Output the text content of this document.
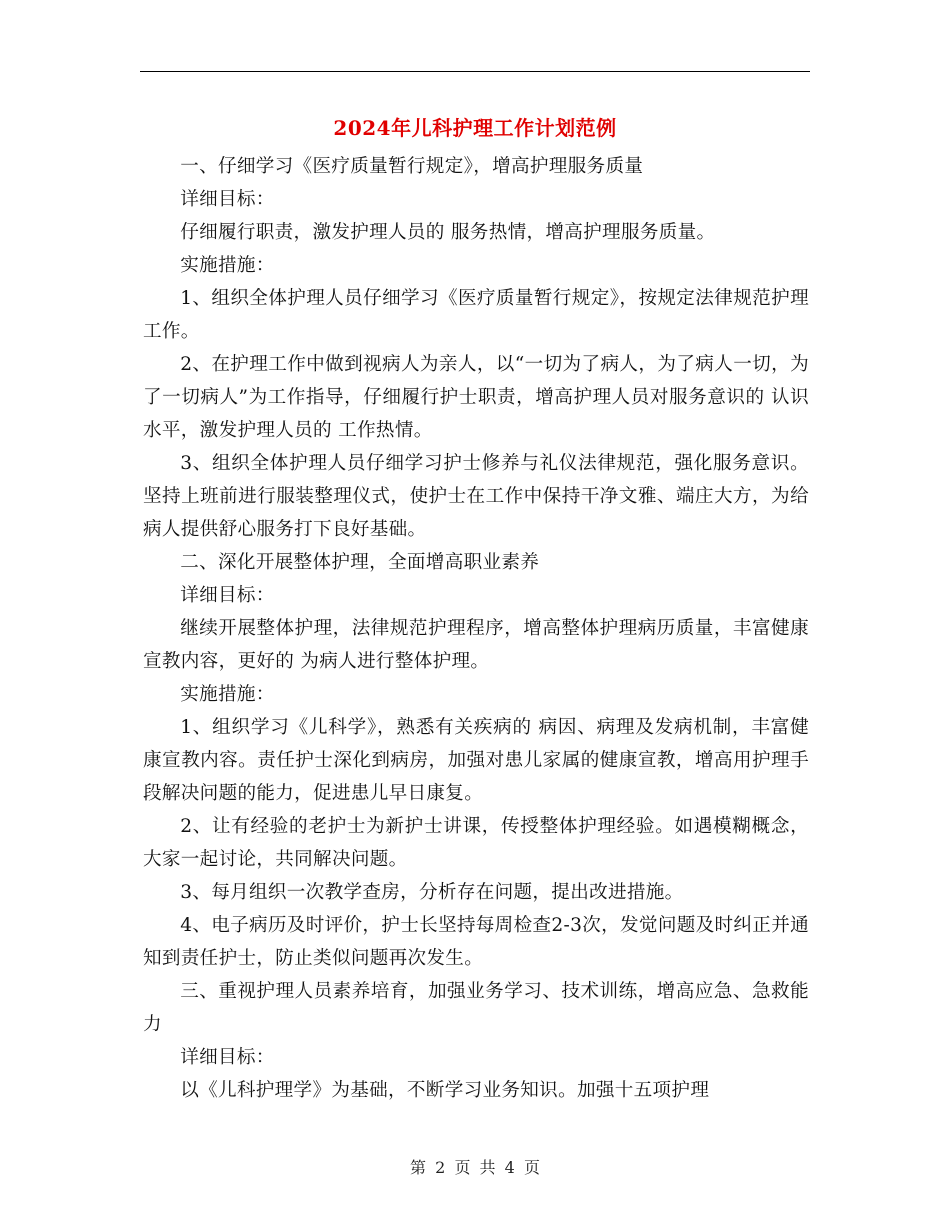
2024年儿科护理工作计划范例

一、仔细学习《医疗质量暂行规定》，增高护理服务质量

详细目标：

仔细履行职责，激发护理人员的 服务热情，增高护理服务质量。

实施措施：

1、组织全体护理人员仔细学习《医疗质量暂行规定》，按规定法律规范护理工作。

2、在护理工作中做到视病人为亲人，以“一切为了病人，为了病人一切，为了一切病人”为工作指导，仔细履行护士职责，增高护理人员对服务意识的 认识水平，激发护理人员的 工作热情。

3、组织全体护理人员仔细学习护士修养与礼仪法律规范，强化服务意识。坚持上班前进行服装整理仪式，使护士在工作中保持干净文雅、端庄大方，为给病人提供舒心服务打下良好基础。

二、深化开展整体护理，全面增高职业素养

详细目标：

继续开展整体护理，法律规范护理程序，增高整体护理病历质量，丰富健康宣教内容，更好的 为病人进行整体护理。

实施措施：

1、组织学习《儿科学》，熟悉有关疾病的 病因、病理及发病机制，丰富健康宣教内容。责任护士深化到病房，加强对患儿家属的健康宣教，增高用护理手段解决问题的能力，促进患儿早日康复。

2、让有经验的老护士为新护士讲课，传授整体护理经验。如遇模糊概念，大家一起讨论，共同解决问题。

3、每月组织一次教学查房，分析存在问题，提出改进措施。

4、电子病历及时评价，护士长坚持每周检查2-3次，发觉问题及时纠正并通知到责任护士，防止类似问题再次发生。

三、重视护理人员素养培育，加强业务学习、技术训练，增高应急、急救能力

详细目标：

以《儿科护理学》为基础，不断学习业务知识。加强十五项护理

第 2 页 共 4 页
